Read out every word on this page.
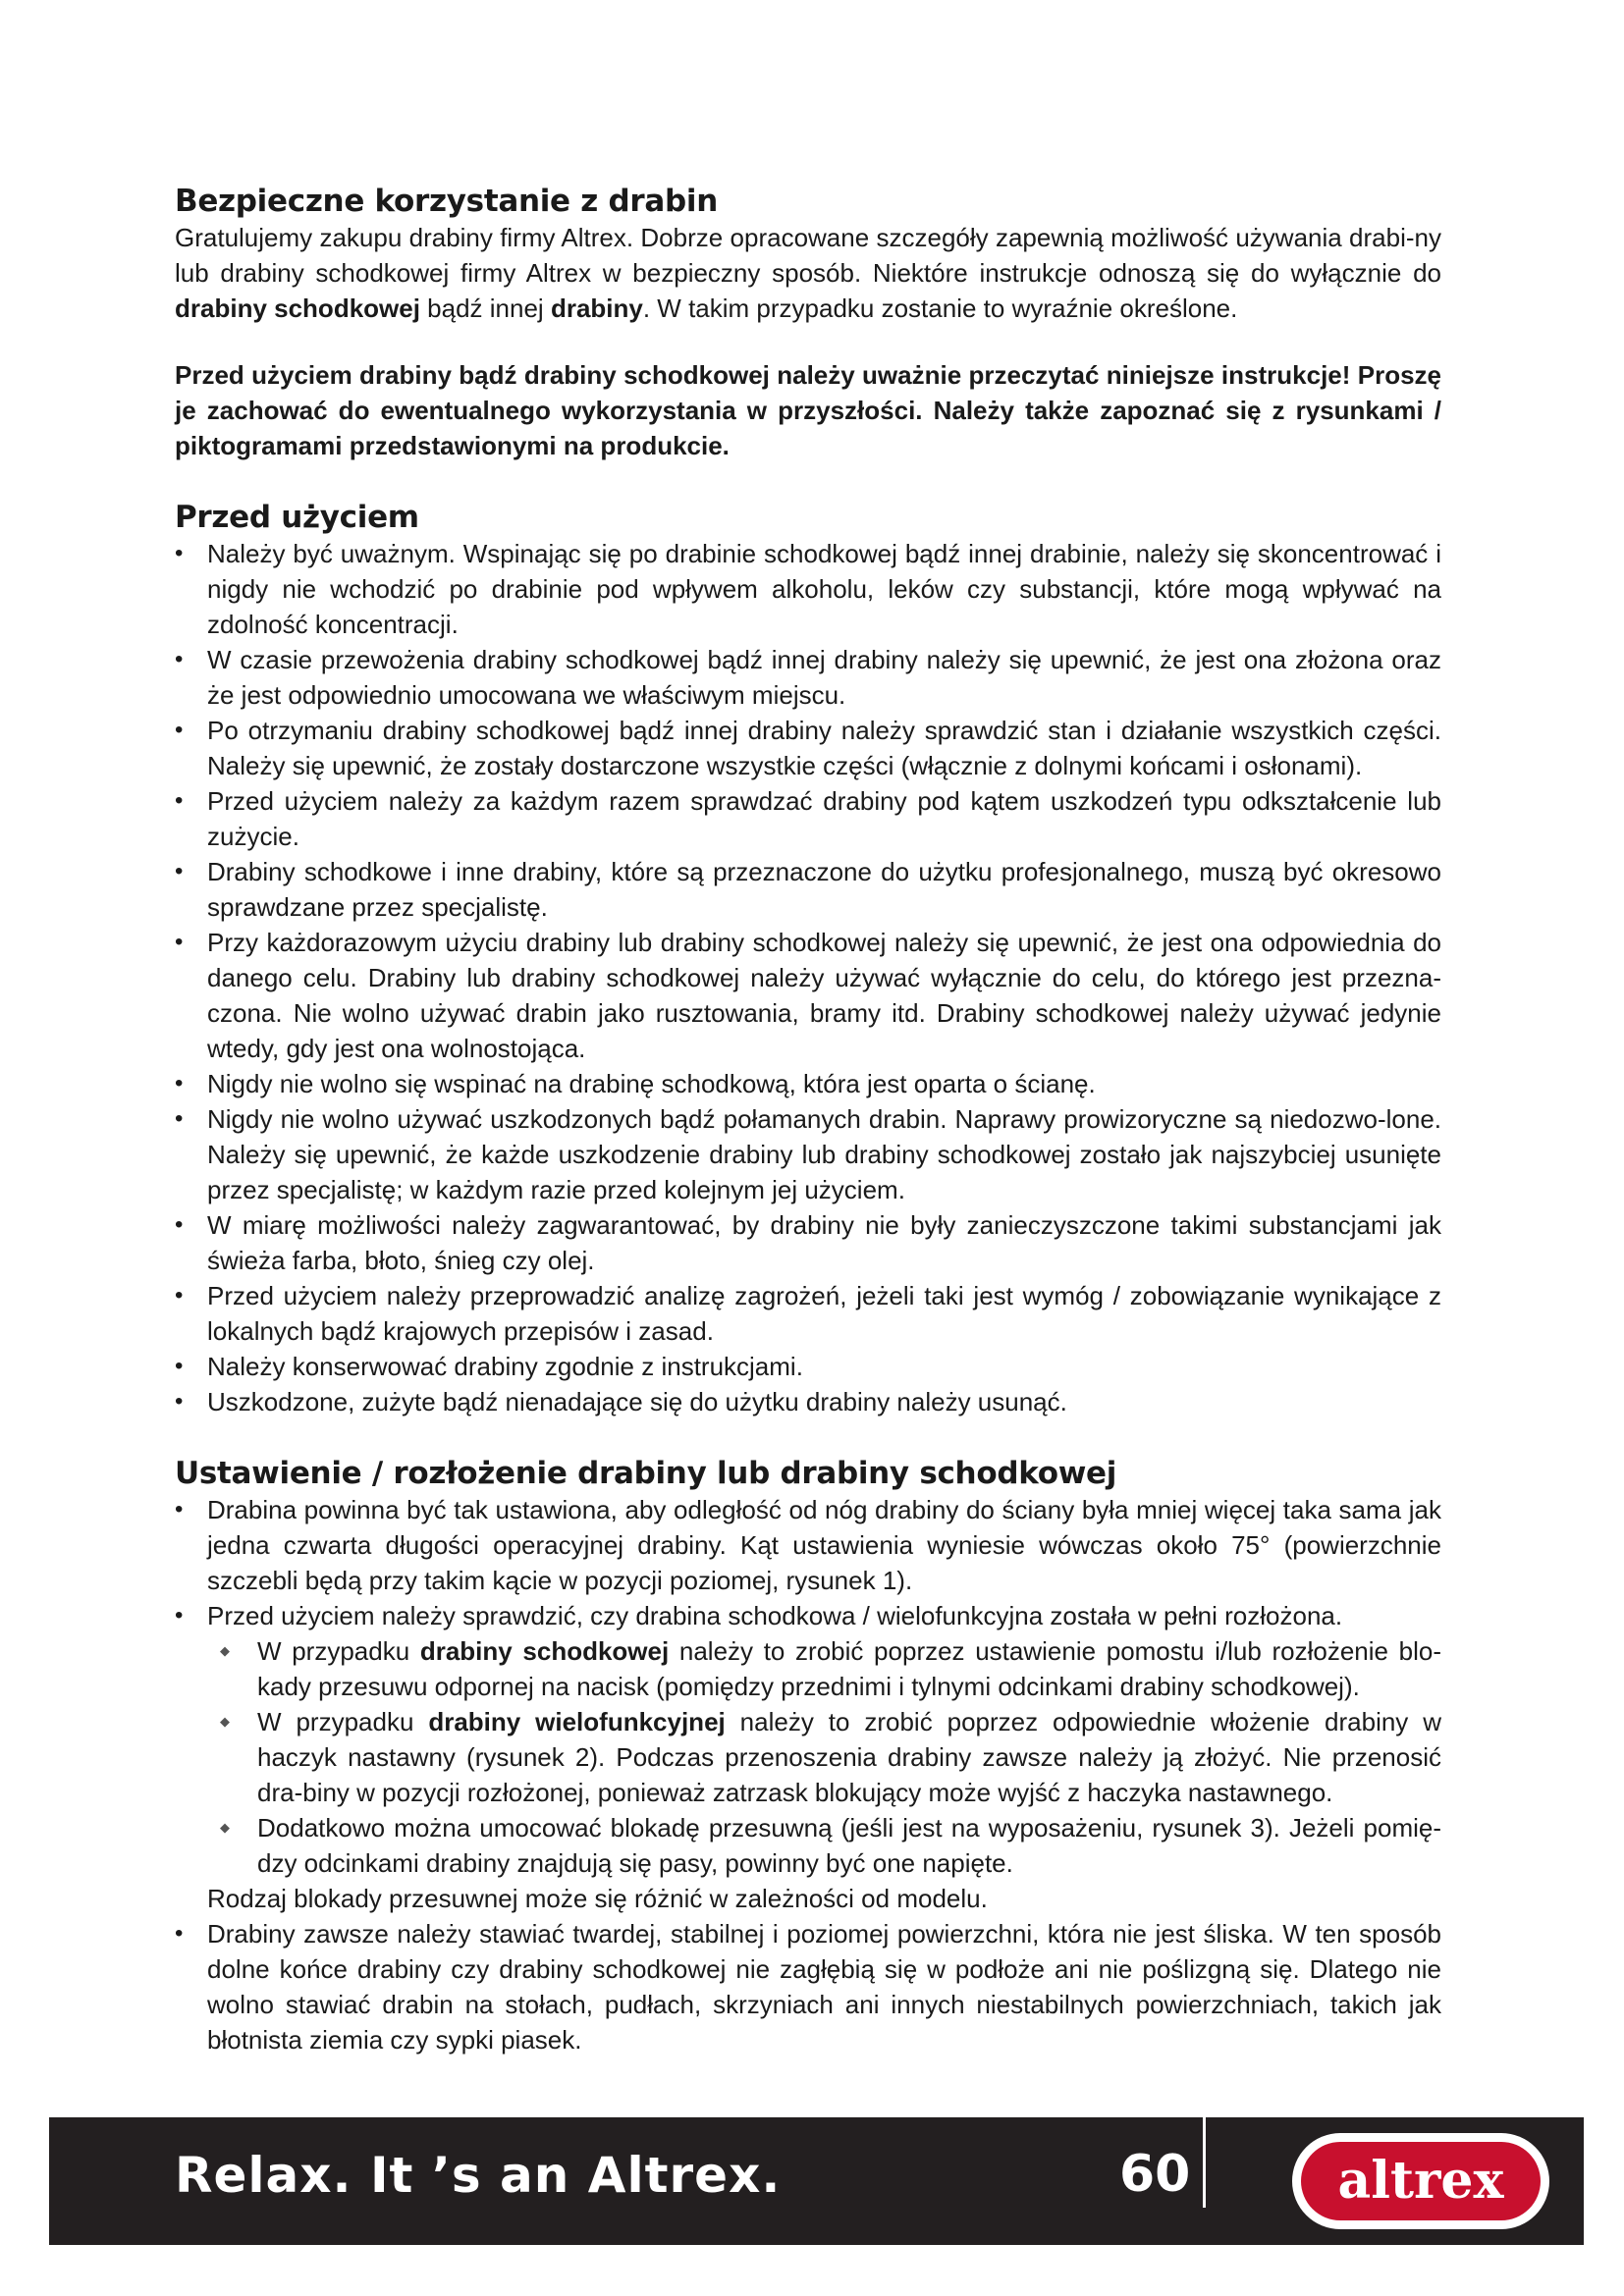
Bezpieczne korzystanie z drabin

Gratulujemy zakupu drabiny firmy Altrex. Dobrze opracowane szczegóły zapewnią możliwość używania drabi-ny lub drabiny schodkowej firmy Altrex w bezpieczny sposób. Niektóre instrukcje odnoszą się do wyłącznie do drabiny schodkowej bądź innej drabiny. W takim przypadku zostanie to wyraźnie określone.

Przed użyciem drabiny bądź drabiny schodkowej należy uważnie przeczytać niniejsze instrukcje! Proszę je zachować do ewentualnego wykorzystania w przyszłości. Należy także zapoznać się z rysunkami / piktogramami przedstawionymi na produkcie.

Przed użyciem
• Należy być uważnym. Wspinając się po drabinie schodkowej bądź innej drabinie, należy się skoncentrować i nigdy nie wchodzić po drabinie pod wpływem alkoholu, leków czy substancji, które mogą wpływać na zdolność koncentracji.
• W czasie przewożenia drabiny schodkowej bądź innej drabiny należy się upewnić, że jest ona złożona oraz że jest odpowiednio umocowana we właściwym miejscu.
• Po otrzymaniu drabiny schodkowej bądź innej drabiny należy sprawdzić stan i działanie wszystkich części. Należy się upewnić, że zostały dostarczone wszystkie części (włącznie z dolnymi końcami i osłonami).
• Przed użyciem należy za każdym razem sprawdzać drabiny pod kątem uszkodzeń typu odkształcenie lub zużycie.
• Drabiny schodkowe i inne drabiny, które są przeznaczone do użytku profesjonalnego, muszą być okresowo sprawdzane przez specjalistę.
• Przy każdorazowym użyciu drabiny lub drabiny schodkowej należy się upewnić, że jest ona odpowiednia do danego celu. Drabiny lub drabiny schodkowej należy używać wyłącznie do celu, do którego jest przezna-czona. Nie wolno używać drabin jako rusztowania, bramy itd. Drabiny schodkowej należy używać jedynie wtedy, gdy jest ona wolnostojąca.
• Nigdy nie wolno się wspinać na drabinę schodkową, która jest oparta o ścianę.
• Nigdy nie wolno używać uszkodzonych bądź połamanych drabin. Naprawy prowizoryczne są niedozwo-lone. Należy się upewnić, że każde uszkodzenie drabiny lub drabiny schodkowej zostało jak najszybciej usunięte przez specjalistę; w każdym razie przed kolejnym jej użyciem.
• W miarę możliwości należy zagwarantować, by drabiny nie były zanieczyszczone takimi substancjami jak świeża farba, błoto, śnieg czy olej.
• Przed użyciem należy przeprowadzić analizę zagrożeń, jeżeli taki jest wymóg / zobowiązanie wynikające z lokalnych bądź krajowych przepisów i zasad.
• Należy konserwować drabiny zgodnie z instrukcjami.
• Uszkodzone, zużyte bądź nienadające się do użytku drabiny należy usunąć.
Ustawienie / rozłożenie drabiny lub drabiny schodkowej
• Drabina powinna być tak ustawiona, aby odległość od nóg drabiny do ściany była mniej więcej taka sama jak jedna czwarta długości operacyjnej drabiny. Kąt ustawienia wyniesie wówczas około 75° (powierzchnie szczebli będą przy takim kącie w pozycji poziomej, rysunek 1).
• Przed użyciem należy sprawdzić, czy drabina schodkowa / wielofunkcyjna została w pełni rozłożona.
◆ W przypadku drabiny schodkowej należy to zrobić poprzez ustawienie pomostu i/lub rozłożenie blo-kady przesuwu odpornej na nacisk (pomiędzy przednimi i tylnymi odcinkami drabiny schodkowej).
◆ W przypadku drabiny wielofunkcyjnej należy to zrobić poprzez odpowiednie włożenie drabiny w haczyk nastawny (rysunek 2). Podczas przenoszenia drabiny zawsze należy ją złożyć. Nie przenosić dra-biny w pozycji rozłożonej, ponieważ zatrzask blokujący może wyjść z haczyka nastawnego.
◆ Dodatkowo można umocować blokadę przesuwną (jeśli jest na wyposażeniu, rysunek 3). Jeżeli pomię-dzy odcinkami drabiny znajdują się pasy, powinny być one napięte.
Rodzaj blokady przesuwnej może się różnić w zależności od modelu.
• Drabiny zawsze należy stawiać twardej, stabilnej i poziomej powierzchni, która nie jest śliska. W ten sposób dolne końce drabiny czy drabiny schodkowej nie zagłębią się w podłoże ani nie poślizgną się. Dlatego nie wolno stawiać drabin na stołach, pudłach, skrzyniach ani innych niestabilnych powierzchniach, takich jak błotnista ziemia czy sypki piasek.
Relax. It ’s an Altrex.	60	altrex
